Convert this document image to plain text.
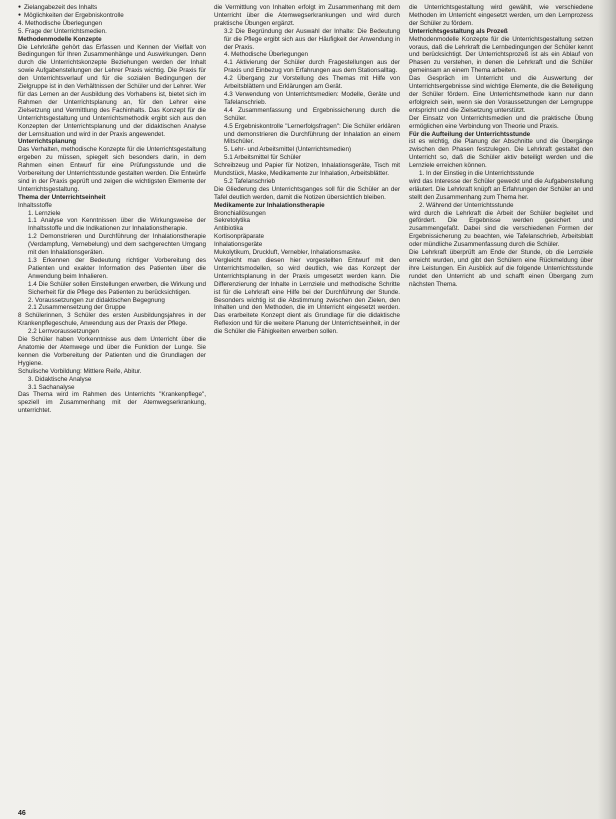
● Zielangabezeit des Inhalts

● Möglichkeiten der Ergebniskontrolle

4. Methodische Überlegungen

5. Frage der Unterrichtsmedien.

Methodenmodelle Konzepte

Die Lehrkräfte gehört das Erfassen und Kennen der Vielfalt von Bedingungen für Ihren Zusammenhänge und Auswirkungen. Denn durch die Unterrichtskonzepte Beziehungen werden der Inhalt sowie Aufgabenstellungen der Lehrer Praxis wichtig. Die Praxis für den Unterrichtsverlauf und für die sozialen Bedingungen der Zielgruppe ist in den Verhältnissen der Schüler und der Lehrer. Wer für das Lernen an der Ausbildung des Vorhabens ist, bietet sich im Rahmen der Unterrichtsplanung an, für den Lehrer eine Zielsetzung und Vermittlung des Fachinhalts. Das Konzept für die Unterrichtsgestaltung und Unterrichtsmethodik ergibt sich aus den Konzepten der Unterrichtsplanung und der didaktischen Analyse der Lernsituation und wird in der Praxis angewendet.

Unterrichtsplanung

Das Verhalten, methodische Konzepte für die Unterrichtsgestaltung ergeben zu müssen, spiegelt sich besonders darin, in dem Rahmen einen Entwurf für eine Prüfungsstunde und die Vorbereitung der Unterrichtsstunde gestalten werden. Die Entwürfe sind in der Praxis geprüft und zeigen die wichtigsten Elemente der Unterrichtsgestaltung.

Thema der Unterrichtseinheit

Inhaltsstoffe

1. Lernziele

1.1 Analyse von Kenntnissen über die Wirkungsweise der Inhaltsstoffe und die Indikationen zur Inhalationstherapie.

1.2 Demonstrieren und Durchführung der Inhalationstherapie (Verdampfung, Vernebelung) und dem sachgerechten Umgang mit den Inhalationsgeräten.

1.3 Erkennen der Bedeutung richtiger Vorbereitung des Patienten und exakter Information des Patienten über die Anwendung beim Inhalieren.

1.4 Die Schüler sollen Einstellungen erwerben, die Wirkung und Sicherheit für die Pflege des Patienten zu berücksichtigen.

2. Voraussetzungen zur didaktischen Begegnung

2.1 Zusammensetzung der Gruppe

8 Schülerinnen, 3 Schüler des ersten Ausbildungsjahres in der Krankenpflegeschule, Anwendung aus der Praxis der Pflege.

2.2 Lernvoraussetzungen

Die Schüler haben Vorkenntnisse aus dem Unterricht über die Anatomie der Atemwege und über die Funktion der Lunge. Sie kennen die Vorbereitung der Patienten und die Grundlagen der Hygiene.

Schulische Vorbildung: Mittlere Reife, Abitur.

3. Didaktische Analyse

3.1 Sachanalyse

Das Thema wird im Rahmen des Unterrichts "Krankenpflege", speziell im Zusammenhang mit der Atemwegserkrankung, unterrichtet.

die Vermittlung von Inhalten erfolgt im Zusammenhang mit dem Unterricht über die Atemwegserkrankungen und wird durch praktische Übungen ergänzt.

3.2 Die Begründung der Auswahl der Inhalte: Die Bedeutung für die Pflege ergibt sich aus der Häufigkeit der Anwendung in der Praxis.

4. Methodische Überlegungen

4.1 Aktivierung der Schüler durch Fragestellungen aus der Praxis und Einbezug von Erfahrungen aus dem Stationsalltag.

4.2 Übergang zur Vorstellung des Themas mit Hilfe von Arbeitsblättern und Erklärungen am Gerät.

4.3 Verwendung von Unterrichtsmedien: Modelle, Geräte und Tafelanschrieb.

4.4 Zusammenfassung und Ergebnissicherung durch die Schüler.

4.5 Ergebniskontrolle "Lernerfolgsfragen": Die Schüler erklären und demonstrieren die Durchführung der Inhalation an einem Mitschüler.

5. Lehr- und Arbeitsmittel (Unterrichtsmedien)

5.1 Arbeitsmittel für Schüler

Schreibzeug und Papier für Notizen, Inhalationsgeräte, Tisch mit Mundstück, Maske, Medikamente zur Inhalation, Arbeitsblätter.

5.2 Tafelanschrieb

Die Gliederung des Unterrichtsganges soll für die Schüler an der Tafel deutlich werden, damit die Notizen übersichtlich bleiben.

Medikamente zur Inhalationstherapie

Bronchiallösungen

Sekretolytika

Antibiotika

Kortisonpräparate

Inhalationsgeräte

Mukolytikum, Druckluft, Vernebler, Inhalationsmaske.

Vergleicht man diesen hier vorgestellten Entwurf mit den Unterrichtsmodellen, so wird deutlich, wie das Konzept der Unterrichtsplanung in der Praxis umgesetzt werden kann. Die Differenzierung der Inhalte in Lernziele und methodische Schritte ist für die Lehrkraft eine Hilfe bei der Durchführung der Stunde. Besonders wichtig ist die Abstimmung zwischen den Zielen, den Inhalten und den Methoden, die im Unterricht eingesetzt werden. Das erarbeitete Konzept dient als Grundlage für die didaktische Reflexion und für die weitere Planung der Unterrichtseinheit, in der die Schüler die Fähigkeiten erwerben sollen.

die Unterrichtsgestaltung wird gewählt, wie verschiedene Methoden im Unterricht eingesetzt werden, um den Lernprozess der Schüler zu fördern.

Unterrichtsgestaltung als Prozeß

Methodenmodelle Konzepte für die Unterrichtsgestaltung setzen voraus, daß die Lehrkraft die Lernbedingungen der Schüler kennt und berücksichtigt. Der Unterrichtsprozeß ist als ein Ablauf von Phasen zu verstehen, in denen die Lehrkraft und die Schüler gemeinsam an einem Thema arbeiten.

Das Gespräch im Unterricht und die Auswertung der Unterrichtsergebnisse sind wichtige Elemente, die die Beteiligung der Schüler fördern. Eine Unterrichtsmethode kann nur dann erfolgreich sein, wenn sie den Voraussetzungen der Lerngruppe entspricht und die Zielsetzung unterstützt.

Der Einsatz von Unterrichtsmedien und die praktische Übung ermöglichen eine Verbindung von Theorie und Praxis.

Für die Aufteilung der Unterrichtsstunde

ist es wichtig, die Planung der Abschnitte und die Übergänge zwischen den Phasen festzulegen. Die Lehrkraft gestaltet den Unterricht so, daß die Schüler aktiv beteiligt werden und die Lernziele erreichen können.

1. In der Einstieg in die Unterrichtsstunde

wird das Interesse der Schüler geweckt und die Aufgabenstellung erläutert. Die Lehrkraft knüpft an Erfahrungen der Schüler an und stellt den Zusammenhang zum Thema her.

2. Während der Unterrichtsstunde

wird durch die Lehrkraft die Arbeit der Schüler begleitet und gefördert. Die Ergebnisse werden gesichert und zusammengefaßt. Dabei sind die verschiedenen Formen der Ergebnissicherung zu beachten, wie Tafelanschrieb, Arbeitsblatt oder mündliche Zusammenfassung durch die Schüler.

Die Lehrkraft überprüft am Ende der Stunde, ob die Lernziele erreicht wurden, und gibt den Schülern eine Rückmeldung über ihre Leistungen. Ein Ausblick auf die folgende Unterrichtsstunde rundet den Unterricht ab und schafft einen Übergang zum nächsten Thema.

46
